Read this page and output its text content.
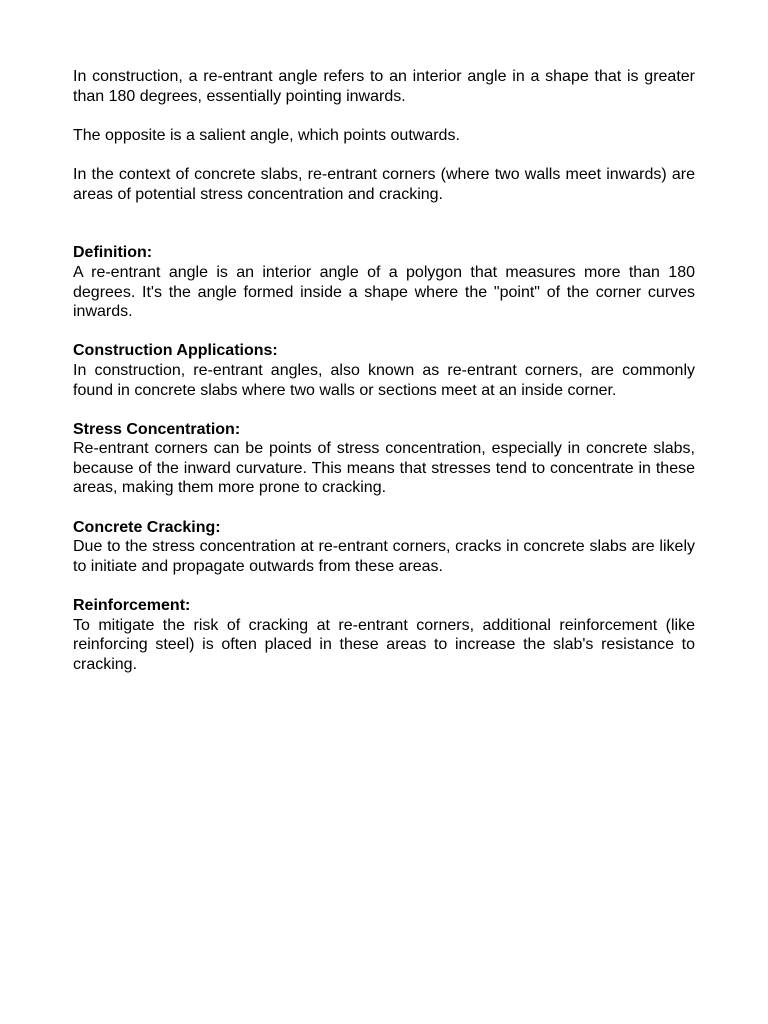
In construction, a re-entrant angle refers to an interior angle in a shape that is greater than 180 degrees, essentially pointing inwards.

The opposite is a salient angle, which points outwards.

In the context of concrete slabs, re-entrant corners (where two walls meet inwards) are areas of potential stress concentration and cracking.

Definition:

A re-entrant angle is an interior angle of a polygon that measures more than 180 degrees. It's the angle formed inside a shape where the "point" of the corner curves inwards.

Construction Applications:

In construction, re-entrant angles, also known as re-entrant corners, are commonly found in concrete slabs where two walls or sections meet at an inside corner.

Stress Concentration:

Re-entrant corners can be points of stress concentration, especially in concrete slabs, because of the inward curvature. This means that stresses tend to concentrate in these areas, making them more prone to cracking.

Concrete Cracking:

Due to the stress concentration at re-entrant corners, cracks in concrete slabs are likely to initiate and propagate outwards from these areas.

Reinforcement:

To mitigate the risk of cracking at re-entrant corners, additional reinforcement (like reinforcing steel) is often placed in these areas to increase the slab's resistance to cracking.
